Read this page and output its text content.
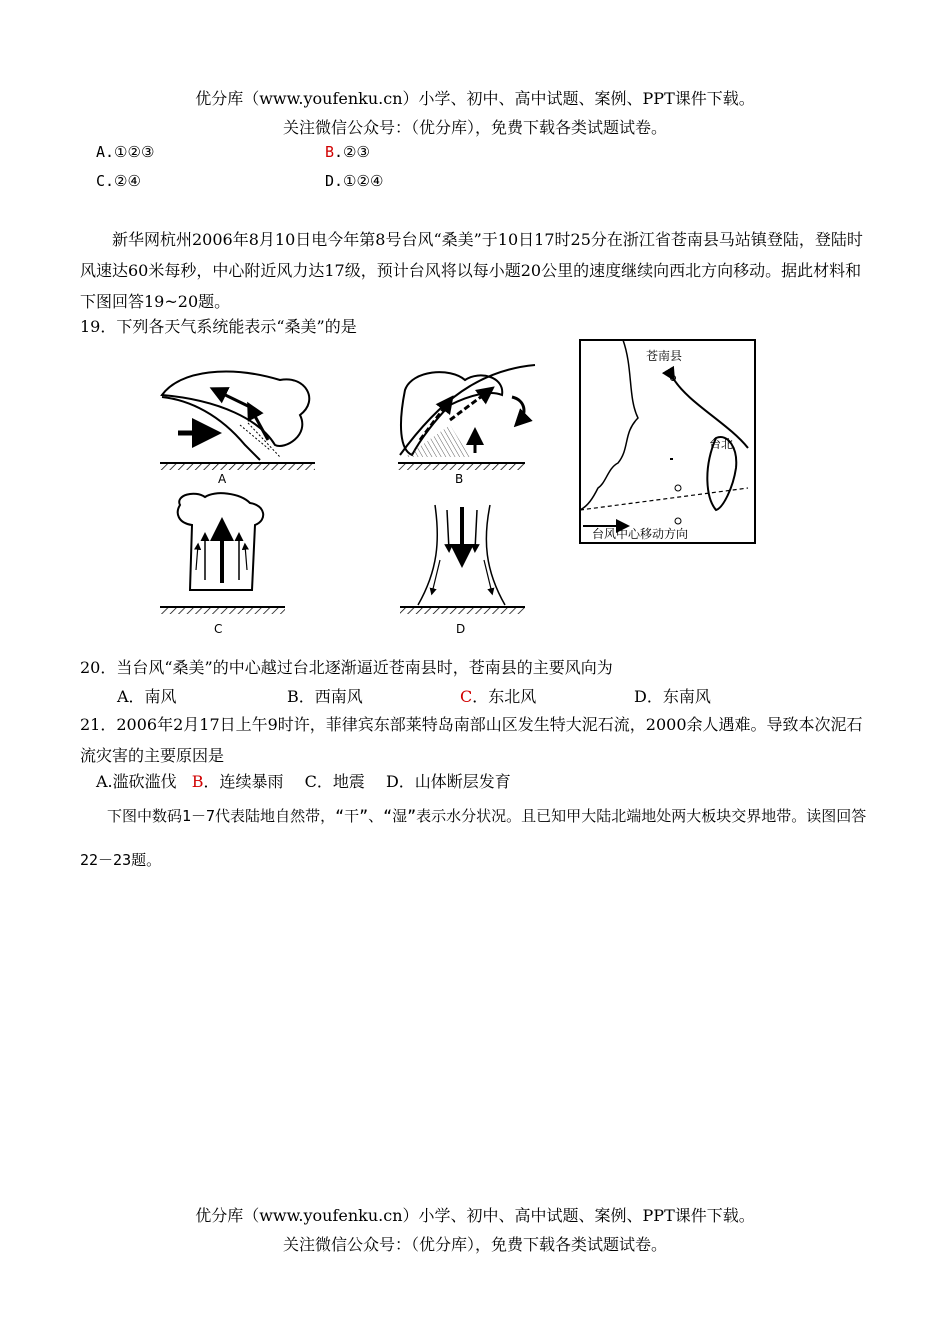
优分库（www.youfenku.cn）小学、初中、高中试题、案例、PPT课件下载。
关注微信公众号：（优分库），免费下载各类试题试卷。
A.①②③	B.②③
C.②④	D.①②④
新华网杭州2006年8月10日电今年第8号台风“桑美”于10日17时25分在浙江省苍南县马站镇登陆，登陆时风速达60米每秒，中心附近风力达17级，预计台风将以每小题20公里的速度继续向西北方向移动。据此材料和下图回答19~20题。
19．下列各天气系统能表示“桑美”的是
A	B
C	D
苍南县
台北
台风中心移动方向
20．当台风“桑美”的中心越过台北逐渐逼近苍南县时，苍南县的主要风向为
A．南风	B．西南风	C．东北风	D．东南风
21．2006年2月17日上午9时许，菲律宾东部莱特岛南部山区发生特大泥石流，2000余人遇难。导致本次泥石流灾害的主要原因是
A.滥砍滥伐 B．连续暴雨 C．地震 D．山体断层发育
下图中数码1－7代表陆地自然带，“干”、“湿”表示水分状况。且已知甲大陆北端地处两大板块交界地带。读图回答22－23题。
优分库（www.youfenku.cn）小学、初中、高中试题、案例、PPT课件下载。
关注微信公众号：（优分库），免费下载各类试题试卷。
